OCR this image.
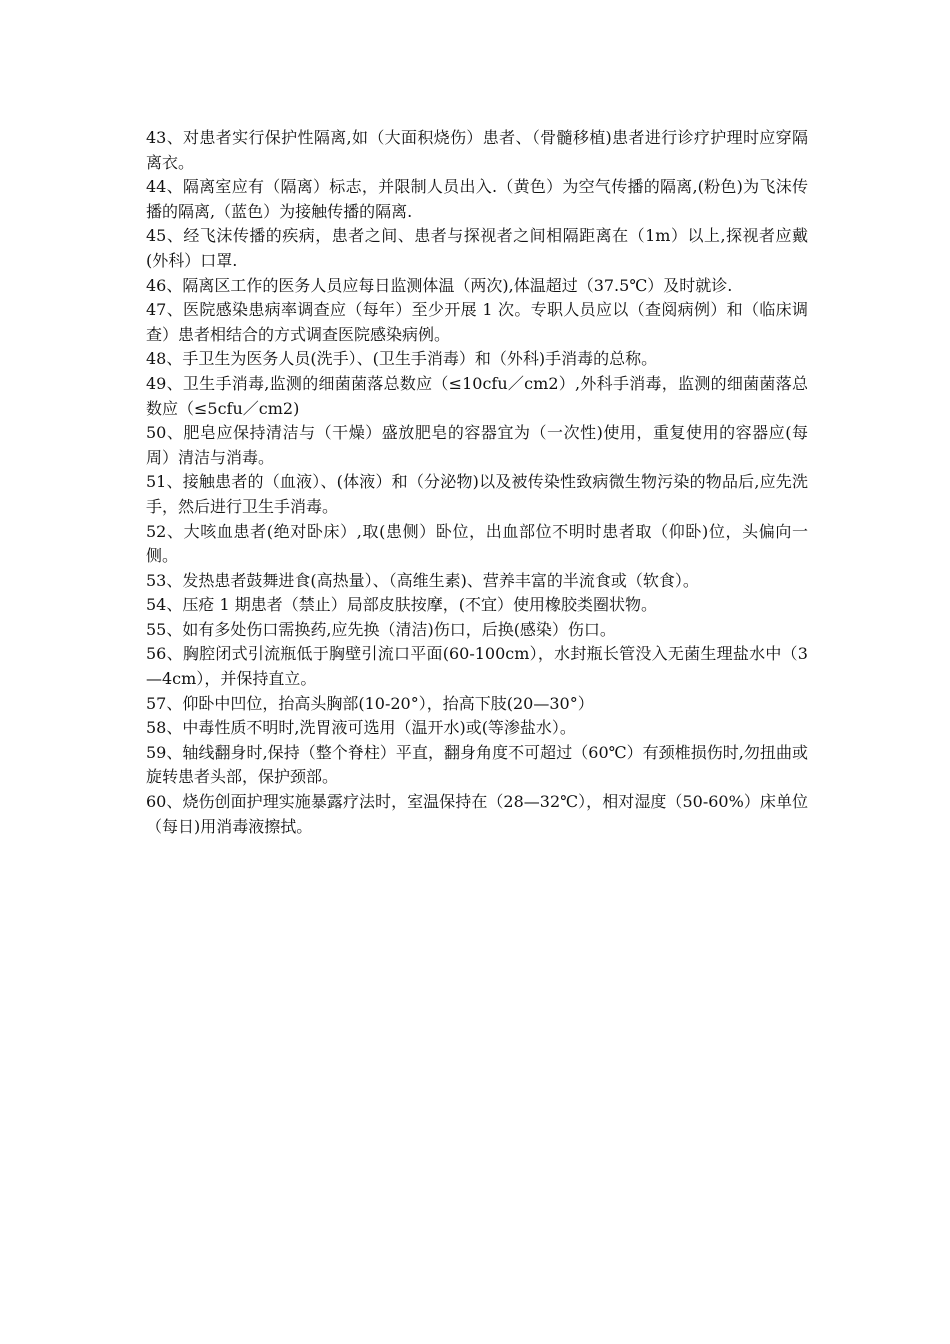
43、对患者实行保护性隔离,如（大面积烧伤）患者、（骨髓移植)患者进行诊疗护理时应穿隔离衣。

44、隔离室应有（隔离）标志，并限制人员出入.（黄色）为空气传播的隔离,(粉色)为飞沫传播的隔离,（蓝色）为接触传播的隔离.

45、经飞沫传播的疾病，患者之间、患者与探视者之间相隔距离在（1m）以上,探视者应戴(外科）口罩.

46、隔离区工作的医务人员应每日监测体温（两次),体温超过（37.5℃）及时就诊.

47、医院感染患病率调查应（每年）至少开展 1 次。专职人员应以（查阅病例）和（临床调查）患者相结合的方式调查医院感染病例。

48、手卫生为医务人员(洗手）、(卫生手消毒）和（外科)手消毒的总称。

49、卫生手消毒,监测的细菌菌落总数应（≤10cfu／cm2）,外科手消毒，监测的细菌菌落总数应（≤5cfu／cm2)

50、肥皂应保持清洁与（干燥）盛放肥皂的容器宜为（一次性)使用，重复使用的容器应(每周）清洁与消毒。

51、接触患者的（血液）、(体液）和（分泌物)以及被传染性致病微生物污染的物品后,应先洗手，然后进行卫生手消毒。

52、大咳血患者(绝对卧床）,取(患侧）卧位，出血部位不明时患者取（仰卧)位，头偏向一侧。

53、发热患者鼓舞进食(高热量）、（高维生素)、营养丰富的半流食或（软食）。

54、压疮 1 期患者（禁止）局部皮肤按摩，(不宜）使用橡胶类圈状物。

55、如有多处伤口需换药,应先换（清洁)伤口，后换(感染）伤口。

56、胸腔闭式引流瓶低于胸壁引流口平面(60-100cm），水封瓶长管没入无菌生理盐水中（3—4cm），并保持直立。

57、仰卧中凹位，抬高头胸部(10-20°），抬高下肢(20—30°）

58、中毒性质不明时,洗胃液可选用（温开水)或(等渗盐水）。

59、轴线翻身时,保持（整个脊柱）平直，翻身角度不可超过（60℃）有颈椎损伤时,勿扭曲或旋转患者头部，保护颈部。

60、烧伤创面护理实施暴露疗法时，室温保持在（28—32℃），相对湿度（50-60%）床单位（每日)用消毒液擦拭。
